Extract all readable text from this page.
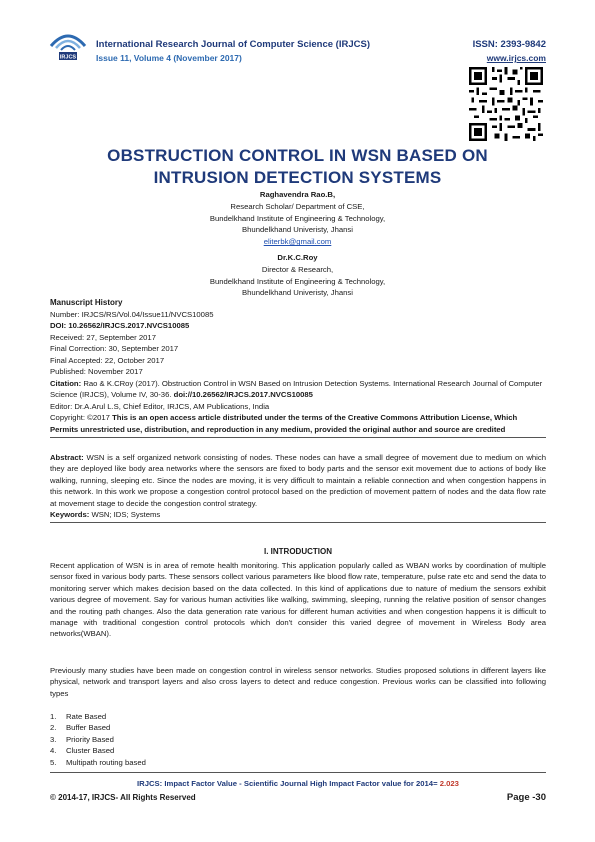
IRJCS
International Research Journal of Computer Science (IRJCS)
Issue 11, Volume 4 (November 2017)
ISSN: 2393-9842
www.irjcs.com
OBSTRUCTION CONTROL IN WSN BASED ON
INTRUSION DETECTION SYSTEMS
Raghavendra Rao.B,
Research Scholar/ Department of CSE,
Bundelkhand Institute of Engineering & Technology,
Bhundelkhand Univeristy, Jhansi
eliterbk@gmail.com
Dr.K.C.Roy
Director & Research,
Bundelkhand Institute of Engineering & Technology,
Bhundelkhand Univeristy, Jhansi
Manuscript History
Number: IRJCS/RS/Vol.04/Issue11/NVCS10085
DOI: 10.26562/IRJCS.2017.NVCS10085
Received: 27, September 2017
Final Correction: 30, September 2017
Final Accepted: 22, October 2017
Published: November 2017
Citation: Rao & K.CRoy (2017). Obstruction Control in WSN Based on Intrusion Detection Systems. International Research Journal of Computer Science (IRJCS), Volume IV, 30-36. doi://10.26562/IRJCS.2017.NVCS10085
Editor: Dr.A.Arul L.S, Chief Editor, IRJCS, AM Publications, India
Copyright: ©2017 This is an open access article distributed under the terms of the Creative Commons Attribution License, Which Permits unrestricted use, distribution, and reproduction in any medium, provided the original author and source are credited
Abstract: WSN is a self organized network consisting of nodes. These nodes can have a small degree of movement due to medium on which they are deployed like body area networks where the sensors are fixed to body parts and the sensor exit movement due to actions of body like walking, running, sleeping etc. Since the nodes are moving, it is very difficult to maintain a reliable connection and when congestion happens in this network. In this work we propose a congestion control protocol based on the prediction of movement pattern of nodes and the data flow rate at movement stage to decide the congestion control strategy.
Keywords: WSN; IDS; Systems
I. INTRODUCTION
Recent application of WSN is in area of remote health monitoring. This application popularly called as WBAN works by coordination of multiple sensor fixed in various body parts. These sensors collect various parameters like blood flow rate, temperature, pulse rate etc and send the data to monitoring server which makes decision based on the data collected. In this kind of applications due to nature of medium the sensors exhibit various degree of movement. Say for various human activities like walking, swimming, sleeping, running the relative position of sensor changes and the routing path changes. Also the data generation rate various for different human activities and when congestion happens it is difficult to manage with traditional congestion control protocols which don't consider this varied degree of movement in Wireless Body area networks(WBAN).
Previously many studies have been made on congestion control in wireless sensor networks. Studies proposed solutions in different layers like physical, network and transport layers and also cross layers to detect and reduce congestion. Previous works can be classified into following types
1.	Rate Based
2.	Buffer Based
3.	Priority Based
4.	Cluster Based
5.	Multipath routing based
IRJCS: Impact Factor Value - Scientific Journal High Impact Factor value for 2014= 2.023
© 2014-17, IRJCS- All Rights Reserved	Page -30
